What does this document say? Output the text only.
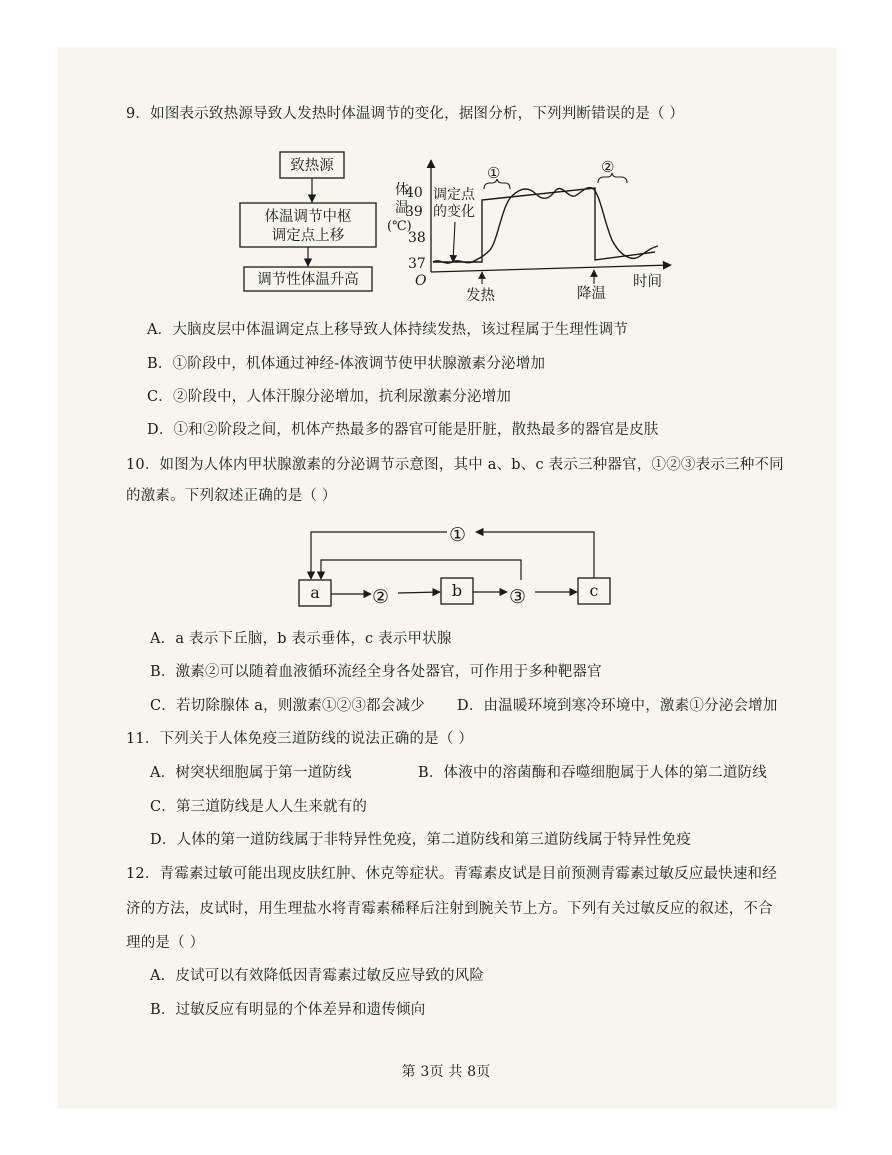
9．如图表示致热源导致人发热时体温调节的变化，据图分析，下列判断错误的是（ ）
致热源
体温调节中枢
调定点上移
调节性体温升高
体
温
(℃)
40
39
38
37
O	时间
调定点
的变化
①	②
发热	降温
A．大脑皮层中体温调定点上移导致人体持续发热，该过程属于生理性调节
B．①阶段中，机体通过神经-体液调节使甲状腺激素分泌增加
C．②阶段中，人体汗腺分泌增加，抗利尿激素分泌增加
D．①和②阶段之间，机体产热最多的器官可能是肝脏，散热最多的器官是皮肤
10．如图为人体内甲状腺激素的分泌调节示意图，其中 a、b、c 表示三种器官，①②③表示三种不同
的激素。下列叙述正确的是（ ）
a	b	c
②	③
①
A．a 表示下丘脑，b 表示垂体，c 表示甲状腺
B．激素②可以随着血液循环流经全身各处器官，可作用于多种靶器官
C．若切除腺体 a，则激素①②③都会减少 D．由温暖环境到寒冷环境中，激素①分泌会增加
11．下列关于人体免疫三道防线的说法正确的是（ ）
A．树突状细胞属于第一道防线	B．体液中的溶菌酶和吞噬细胞属于人体的第二道防线
C．第三道防线是人人生来就有的
D．人体的第一道防线属于非特异性免疫，第二道防线和第三道防线属于特异性免疫
12．青霉素过敏可能出现皮肤红肿、休克等症状。青霉素皮试是目前预测青霉素过敏反应最快速和经
济的方法，皮试时，用生理盐水将青霉素稀释后注射到腕关节上方。下列有关过敏反应的叙述，不合
理的是（ ）
A．皮试可以有效降低因青霉素过敏反应导致的风险
B．过敏反应有明显的个体差异和遗传倾向
第 3页 共 8页
